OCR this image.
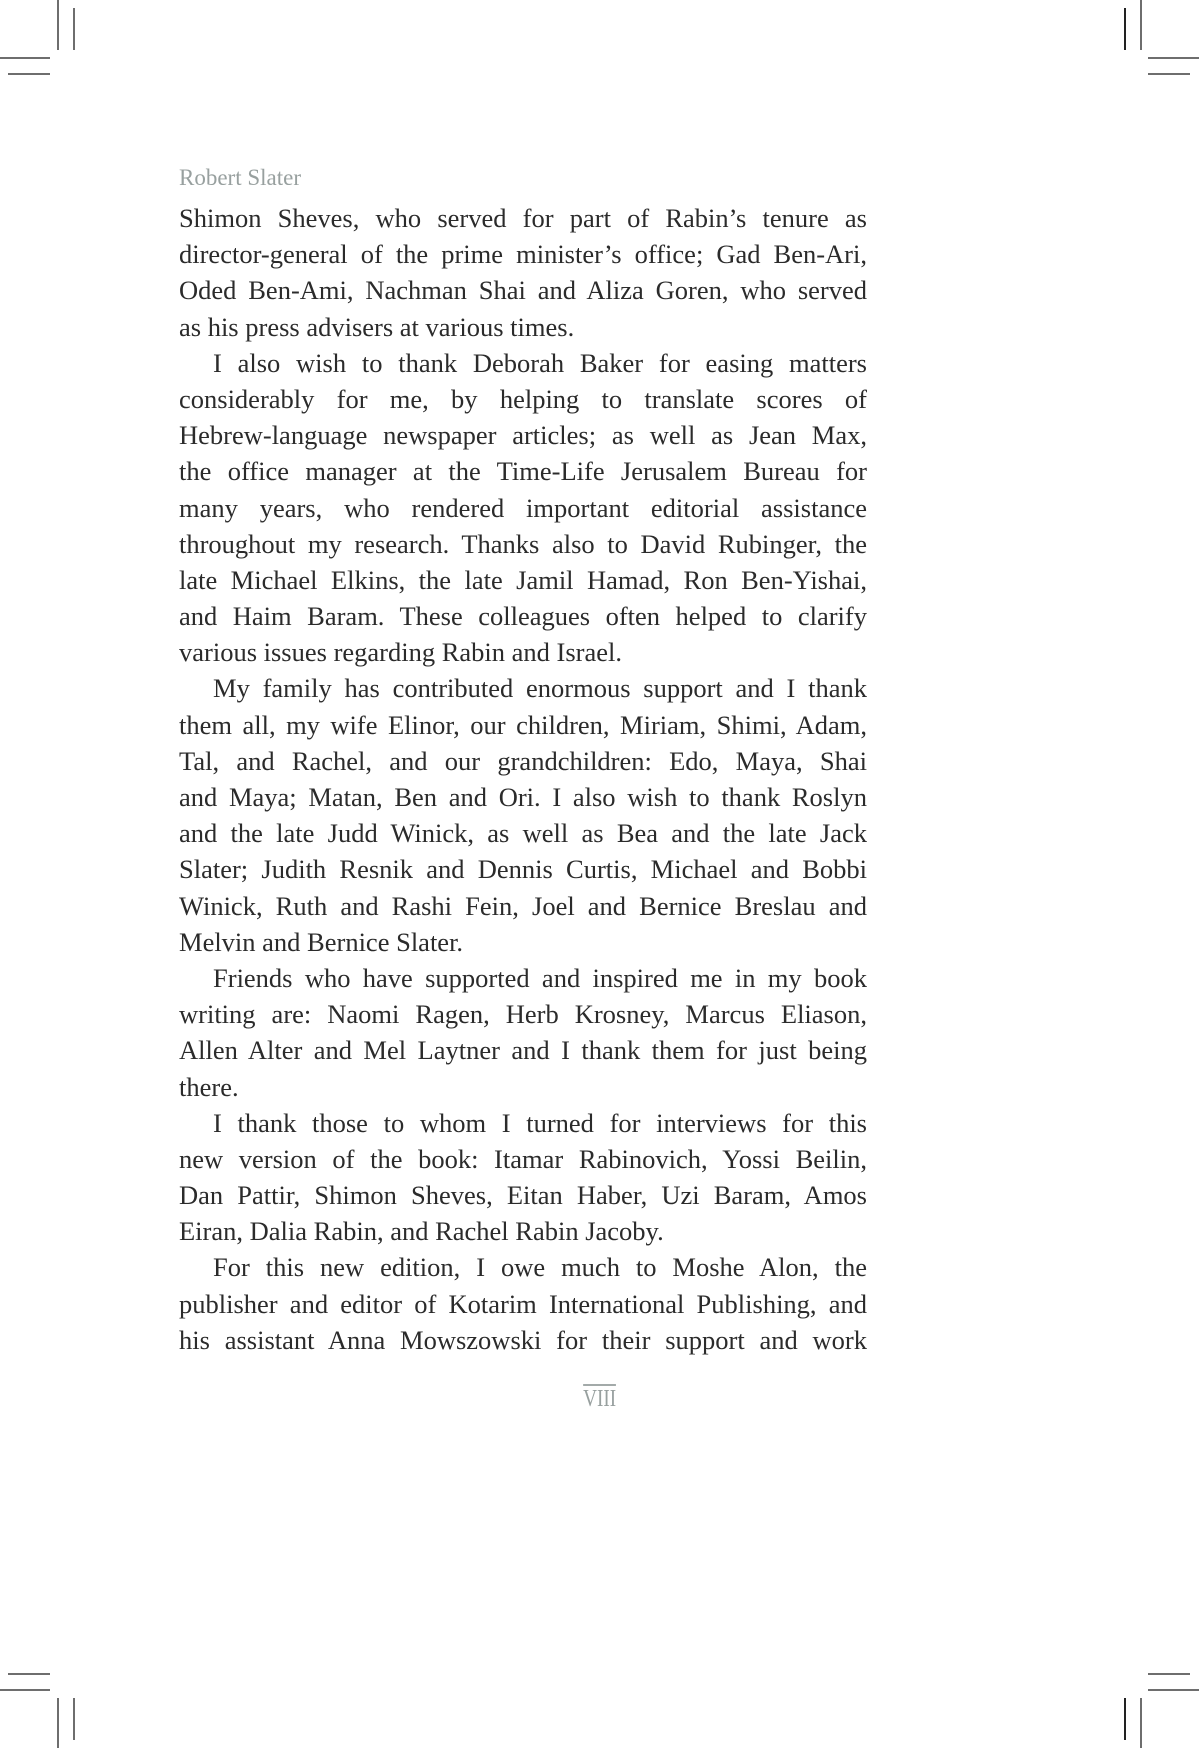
Robert Slater
Shimon Sheves, who served for part of Rabin’s tenure as
director-general of the prime minister’s office; Gad Ben-Ari,
Oded Ben-Ami, Nachman Shai and Aliza Goren, who served
as his press advisers at various times.
I also wish to thank Deborah Baker for easing matters
considerably for me, by helping to translate scores of
Hebrew-language newspaper articles; as well as Jean Max,
the office manager at the Time-Life Jerusalem Bureau for
many years, who rendered important editorial assistance
throughout my research. Thanks also to David Rubinger, the
late Michael Elkins, the late Jamil Hamad, Ron Ben-Yishai,
and Haim Baram. These colleagues often helped to clarify
various issues regarding Rabin and Israel.
My family has contributed enormous support and I thank
them all, my wife Elinor, our children, Miriam, Shimi, Adam,
Tal, and Rachel, and our grandchildren: Edo, Maya, Shai
and Maya; Matan, Ben and Ori. I also wish to thank Roslyn
and the late Judd Winick, as well as Bea and the late Jack
Slater; Judith Resnik and Dennis Curtis, Michael and Bobbi
Winick, Ruth and Rashi Fein, Joel and Bernice Breslau and
Melvin and Bernice Slater.
Friends who have supported and inspired me in my book
writing are: Naomi Ragen, Herb Krosney, Marcus Eliason,
Allen Alter and Mel Laytner and I thank them for just being
there.
I thank those to whom I turned for interviews for this
new version of the book: Itamar Rabinovich, Yossi Beilin,
Dan Pattir, Shimon Sheves, Eitan Haber, Uzi Baram, Amos
Eiran, Dalia Rabin, and Rachel Rabin Jacoby.
For this new edition, I owe much to Moshe Alon, the
publisher and editor of Kotarim International Publishing, and
his assistant Anna Mowszowski for their support and work
VIII
